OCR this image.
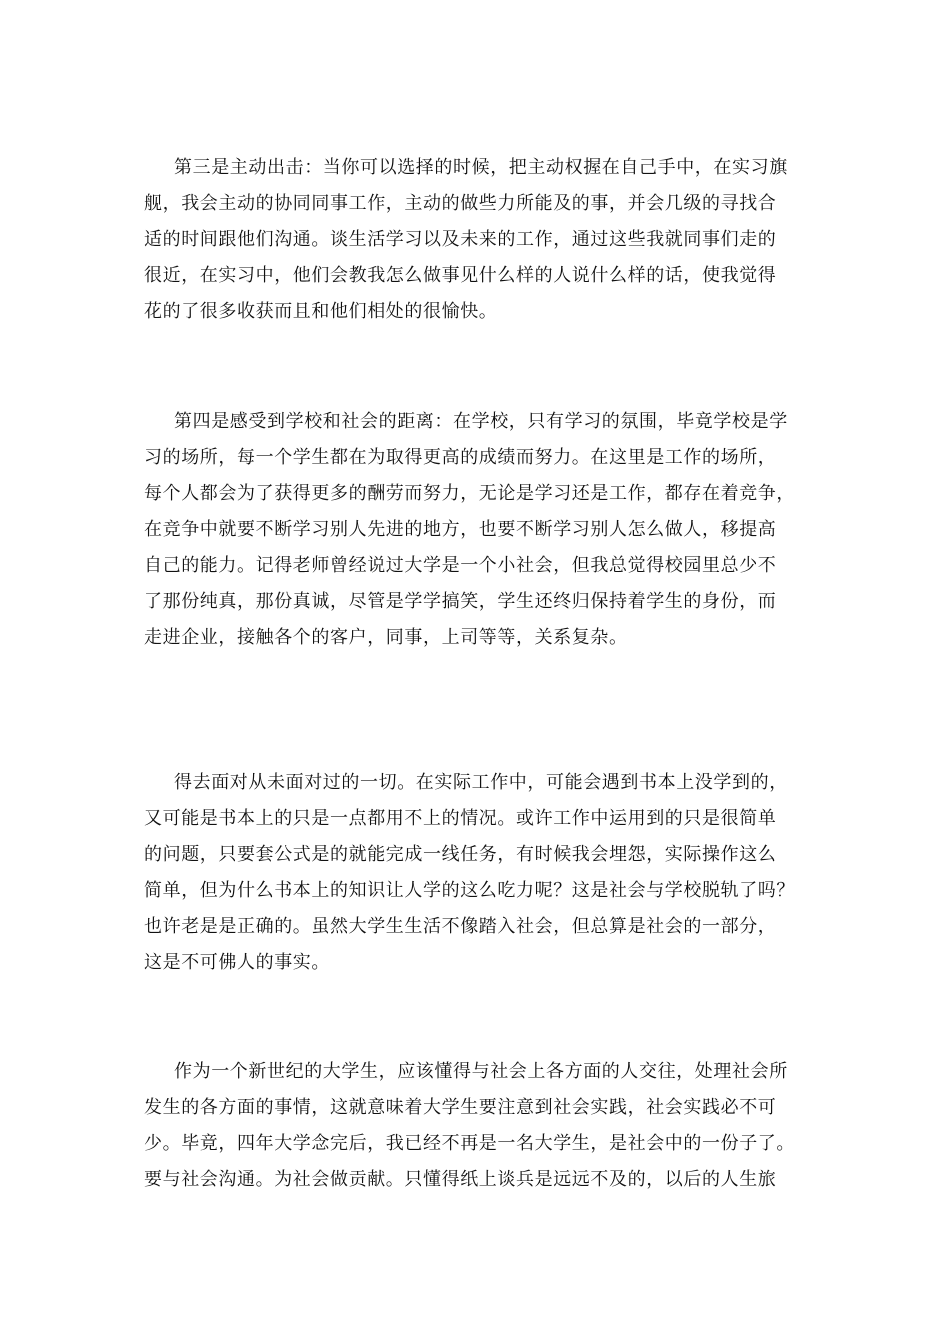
第三是主动出击：当你可以选择的时候，把主动权握在自己手中，在实习旗
舰，我会主动的协同同事工作，主动的做些力所能及的事，并会几级的寻找合
适的时间跟他们沟通。谈生活学习以及未来的工作，通过这些我就同事们走的
很近，在实习中，他们会教我怎么做事见什么样的人说什么样的话，使我觉得
花的了很多收获而且和他们相处的很愉快。
第四是感受到学校和社会的距离：在学校，只有学习的氛围，毕竟学校是学
习的场所，每一个学生都在为取得更高的成绩而努力。在这里是工作的场所，
每个人都会为了获得更多的酬劳而努力，无论是学习还是工作，都存在着竞争，
在竞争中就要不断学习别人先进的地方，也要不断学习别人怎么做人，移提高
自己的能力。记得老师曾经说过大学是一个小社会，但我总觉得校园里总少不
了那份纯真，那份真诚，尽管是学学搞笑，学生还终归保持着学生的身份，而
走进企业，接触各个的客户，同事，上司等等，关系复杂。
得去面对从未面对过的一切。在实际工作中，可能会遇到书本上没学到的，
又可能是书本上的只是一点都用不上的情况。或许工作中运用到的只是很简单
的问题，只要套公式是的就能完成一线任务，有时候我会埋怨，实际操作这么
简单，但为什么书本上的知识让人学的这么吃力呢？这是社会与学校脱轨了吗？
也许老是是正确的。虽然大学生生活不像踏入社会，但总算是社会的一部分，
这是不可佛人的事实。
作为一个新世纪的大学生，应该懂得与社会上各方面的人交往，处理社会所
发生的各方面的事情，这就意味着大学生要注意到社会实践，社会实践必不可
少。毕竟，四年大学念完后，我已经不再是一名大学生，是社会中的一份子了。
要与社会沟通。为社会做贡献。只懂得纸上谈兵是远远不及的，以后的人生旅
